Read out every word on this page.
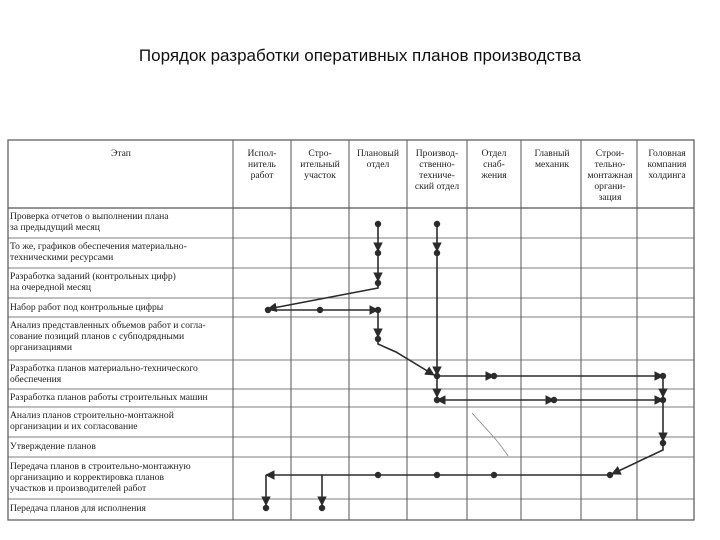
Порядок разработки оперативных планов производства
Этап	Испол-
нитель
работ
Стро-
ительный
участок
Плановый
отдел
Производ-
ственно-
техниче-
ский отдел
Отдел
снаб-
жения
Главный
механик
Строи-
тельно-
монтажная
органи-
зация
Головная
компания
холдинга
Проверка отчетов о выполнении плана
за предыдущий месяц
То же, графиков обеспечения материально-
техническими ресурсами
Разработка заданий (контрольных цифр)
на очередной месяц
Набор работ под контрольные цифры
Анализ представленных объемов работ и согла-
сование позиций планов с субподрядными
организациями
Разработка планов материально-технического
обеспечения
Разработка планов работы строительных машин
Анализ планов строительно-монтажной
организации и их согласование
Утверждение планов
Передача планов в строительно-монтажную
организацию и корректировка планов
участков и производителей работ
Передача планов для исполнения
